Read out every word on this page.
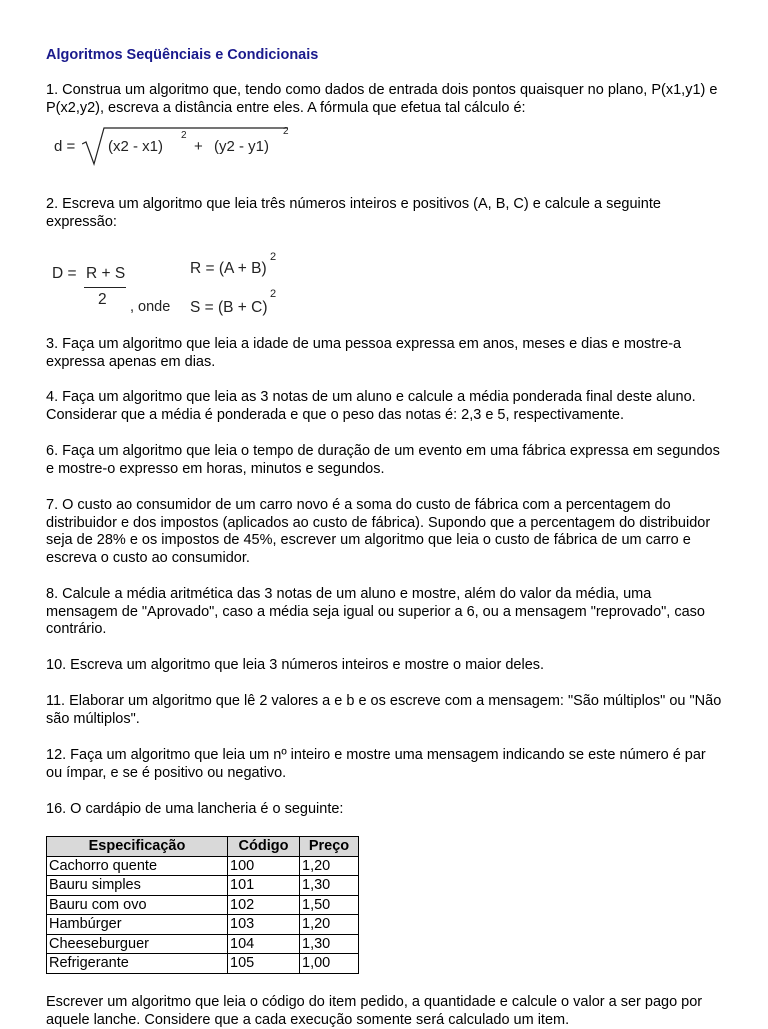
Algoritmos Seqüênciais e Condicionais

1. Construa um algoritmo que, tendo como dados de entrada dois pontos quaisquer no plano, P(x1,y1) e P(x2,y2), escreva a distância entre eles. A fórmula que efetua tal cálculo é:

d = (x2 - x1)
2
+ (y2 - y1)
2

2. Escreva um algoritmo que leia três números inteiros e positivos (A, B, C) e calcule a seguinte expressão:

D = R + S
2 , onde
R = (A + B)
2
S = (B + C)
2

3. Faça um algoritmo que leia a idade de uma pessoa expressa em anos, meses e dias e mostre-a expressa apenas em dias.

4. Faça um algoritmo que leia as 3 notas de um aluno e calcule a média ponderada final deste aluno. Considerar que a média é ponderada e que o peso das notas é: 2,3 e 5, respectivamente.

6. Faça um algoritmo que leia o tempo de duração de um evento em uma fábrica expressa em segundos e mostre-o expresso em horas, minutos e segundos.

7. O custo ao consumidor de um carro novo é a soma do custo de fábrica com a percentagem do distribuidor e dos impostos (aplicados ao custo de fábrica). Supondo que a percentagem do distribuidor seja de 28% e os impostos de 45%, escrever um algoritmo que leia o custo de fábrica de um carro e escreva o custo ao consumidor.

8. Calcule a média aritmética das 3 notas de um aluno e mostre, além do valor da média, uma mensagem de "Aprovado", caso a média seja igual ou superior a 6, ou a mensagem "reprovado", caso contrário.

10. Escreva um algoritmo que leia 3 números inteiros e mostre o maior deles.

11. Elaborar um algoritmo que lê 2 valores a e b e os escreve com a mensagem: "São múltiplos" ou "Não são múltiplos".

12. Faça um algoritmo que leia um nº inteiro e mostre uma mensagem indicando se este número é par ou ímpar, e se é positivo ou negativo.

16. O cardápio de uma lancheria é o seguinte:

Especificação	Código	Preço
Cachorro quente	100	1,20
Bauru simples	101	1,30
Bauru com ovo	102	1,50
Hambúrger	103	1,20
Cheeseburguer	104	1,30
Refrigerante	105	1,00

Escrever um algoritmo que leia o código do item pedido, a quantidade e calcule o valor a ser pago por aquele lanche. Considere que a cada execução somente será calculado um item.
